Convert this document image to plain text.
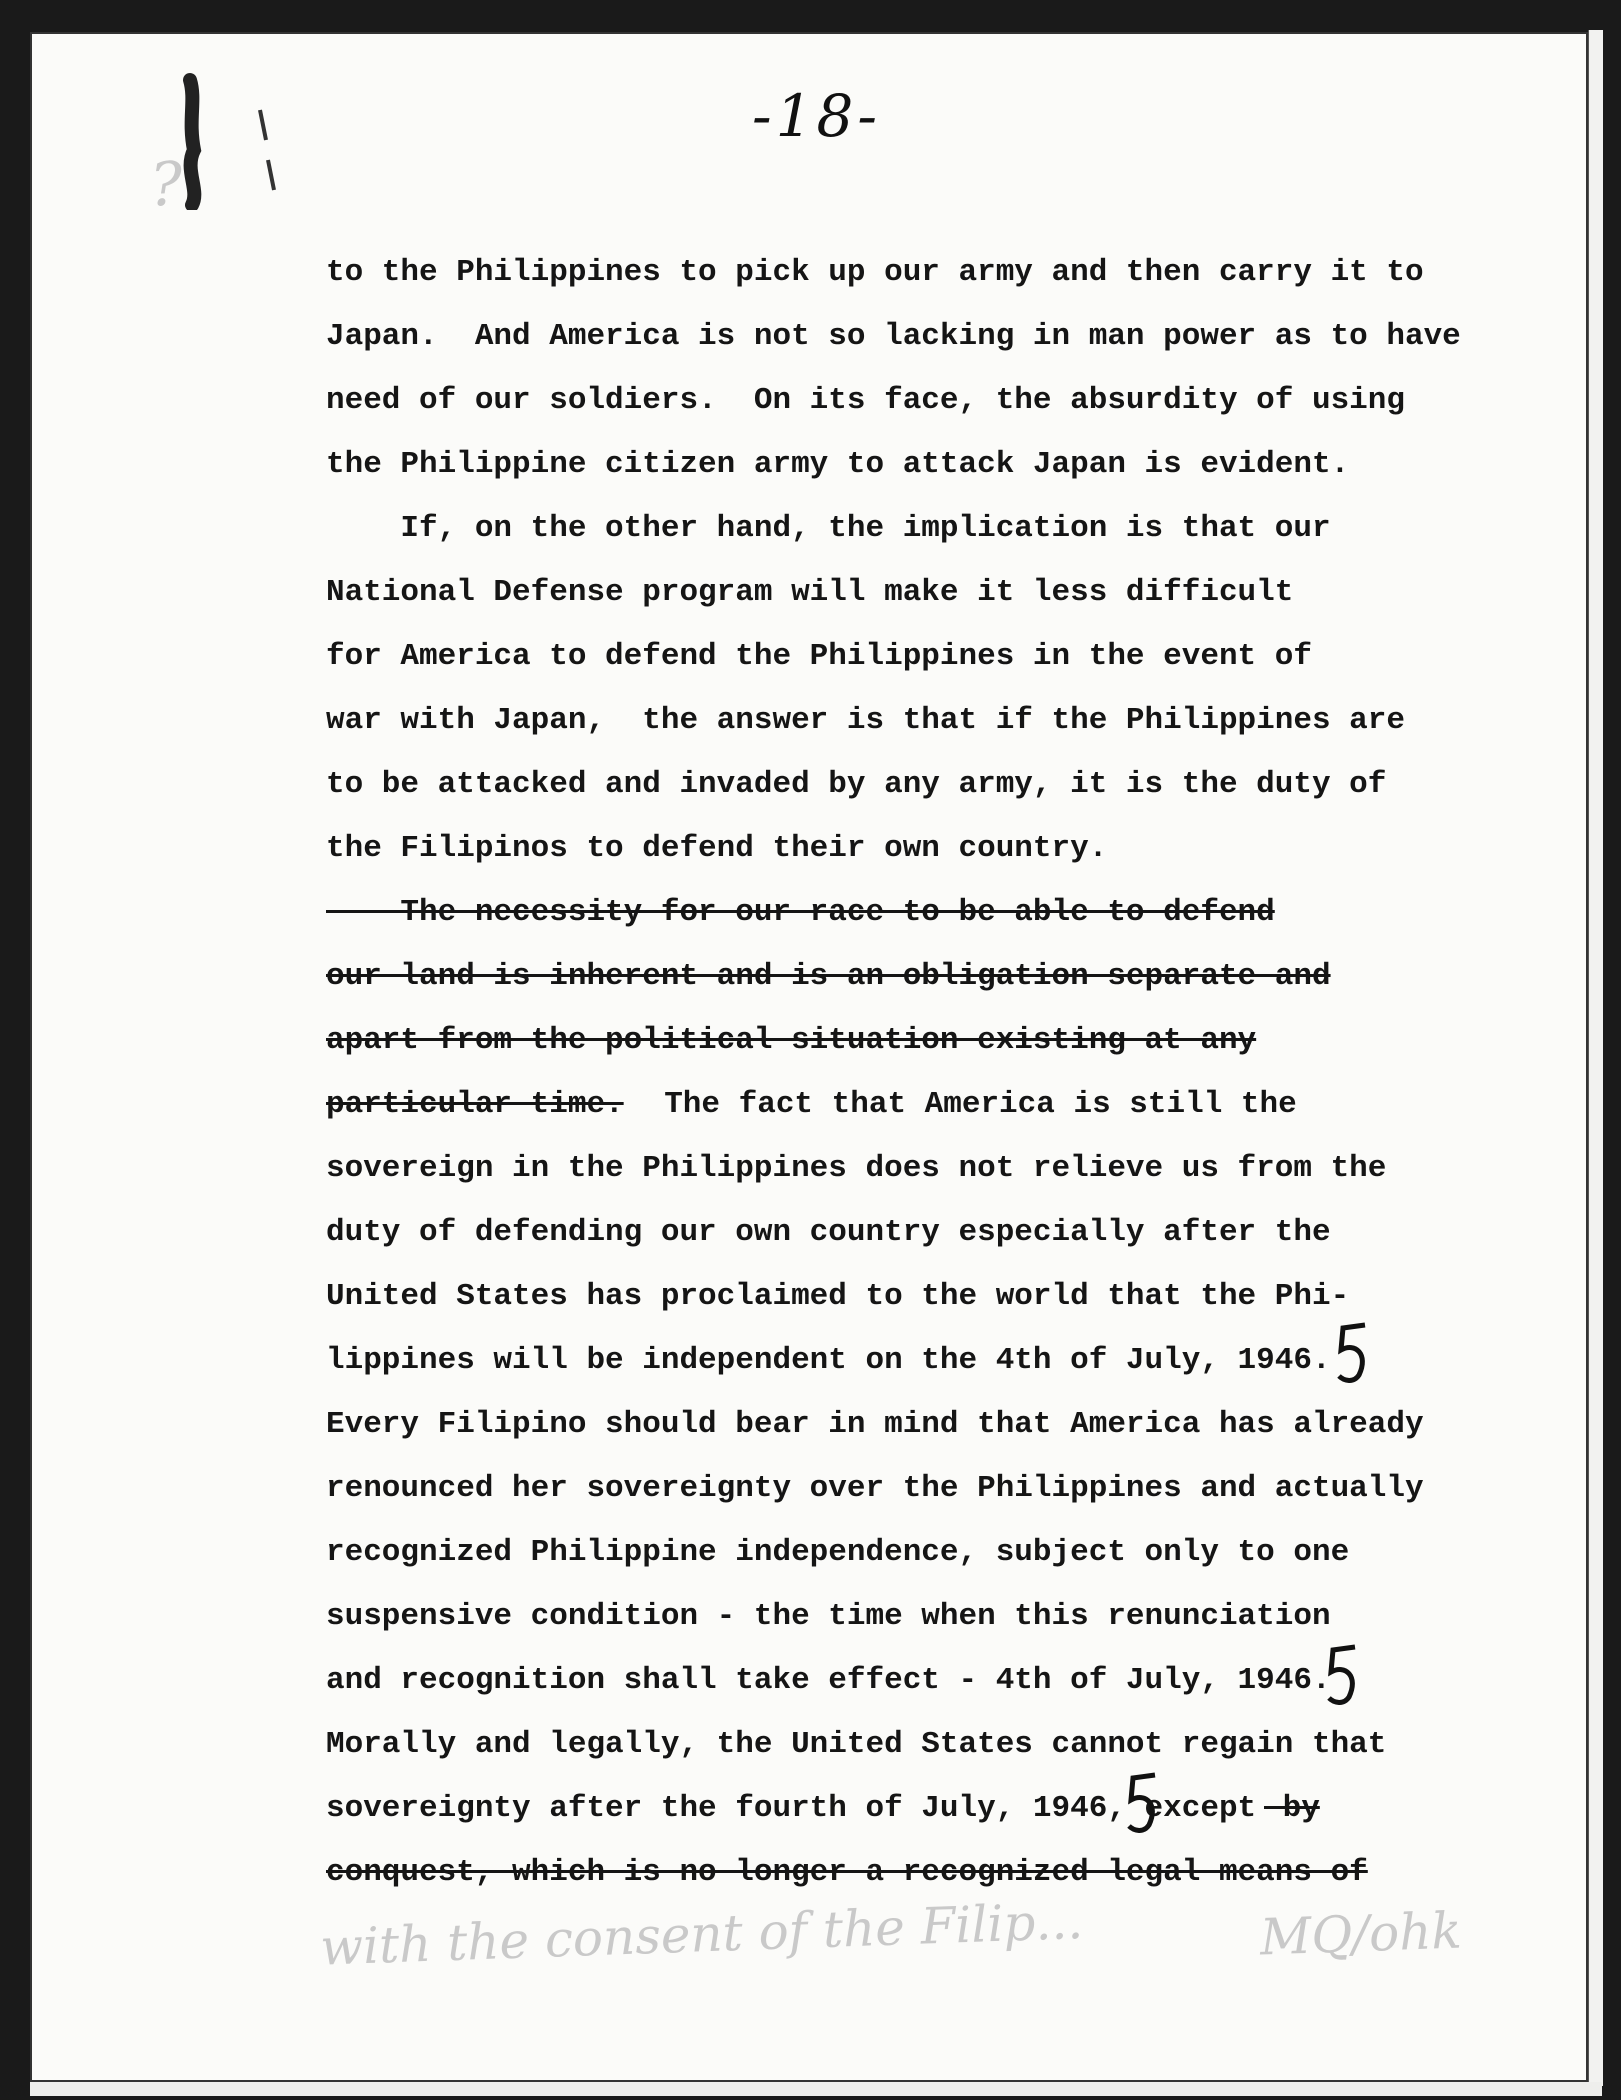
-18-

?

to the Philippines to pick up our army and then carry it to

Japan.  And America is not so lacking in man power as to have

need of our soldiers.  On its face, the absurdity of using

the Philippine citizen army to attack Japan is evident.

If, on the other hand, the implication is that our

National Defense program will make it less difficult

for America to defend the Philippines in the event of

war with Japan,  the answer is that if the Philippines are

to be attacked and invaded by any army, it is the duty of

the Filipinos to defend their own country.

The necessity for our race to be able to defend

our land is inherent and is an obligation separate and

apart from the political situation existing at any

particular time. The fact that America is still the

sovereign in the Philippines does not relieve us from the

duty of defending our own country especially after the

United States has proclaimed to the world that the Phi-

lippines will be independent on the 4th of July, 1946.

Every Filipino should bear in mind that America has already

renounced her sovereignty over the Philippines and actually

recognized Philippine independence, subject only to one

suspensive condition - the time when this renunciation

and recognition shall take effect - 4th of July, 1946.

Morally and legally, the United States cannot regain that

sovereignty after the fourth of July, 1946, except by

conquest, which is no longer a recognized legal means of

with the consent of the Filip...	MQ/ohk
